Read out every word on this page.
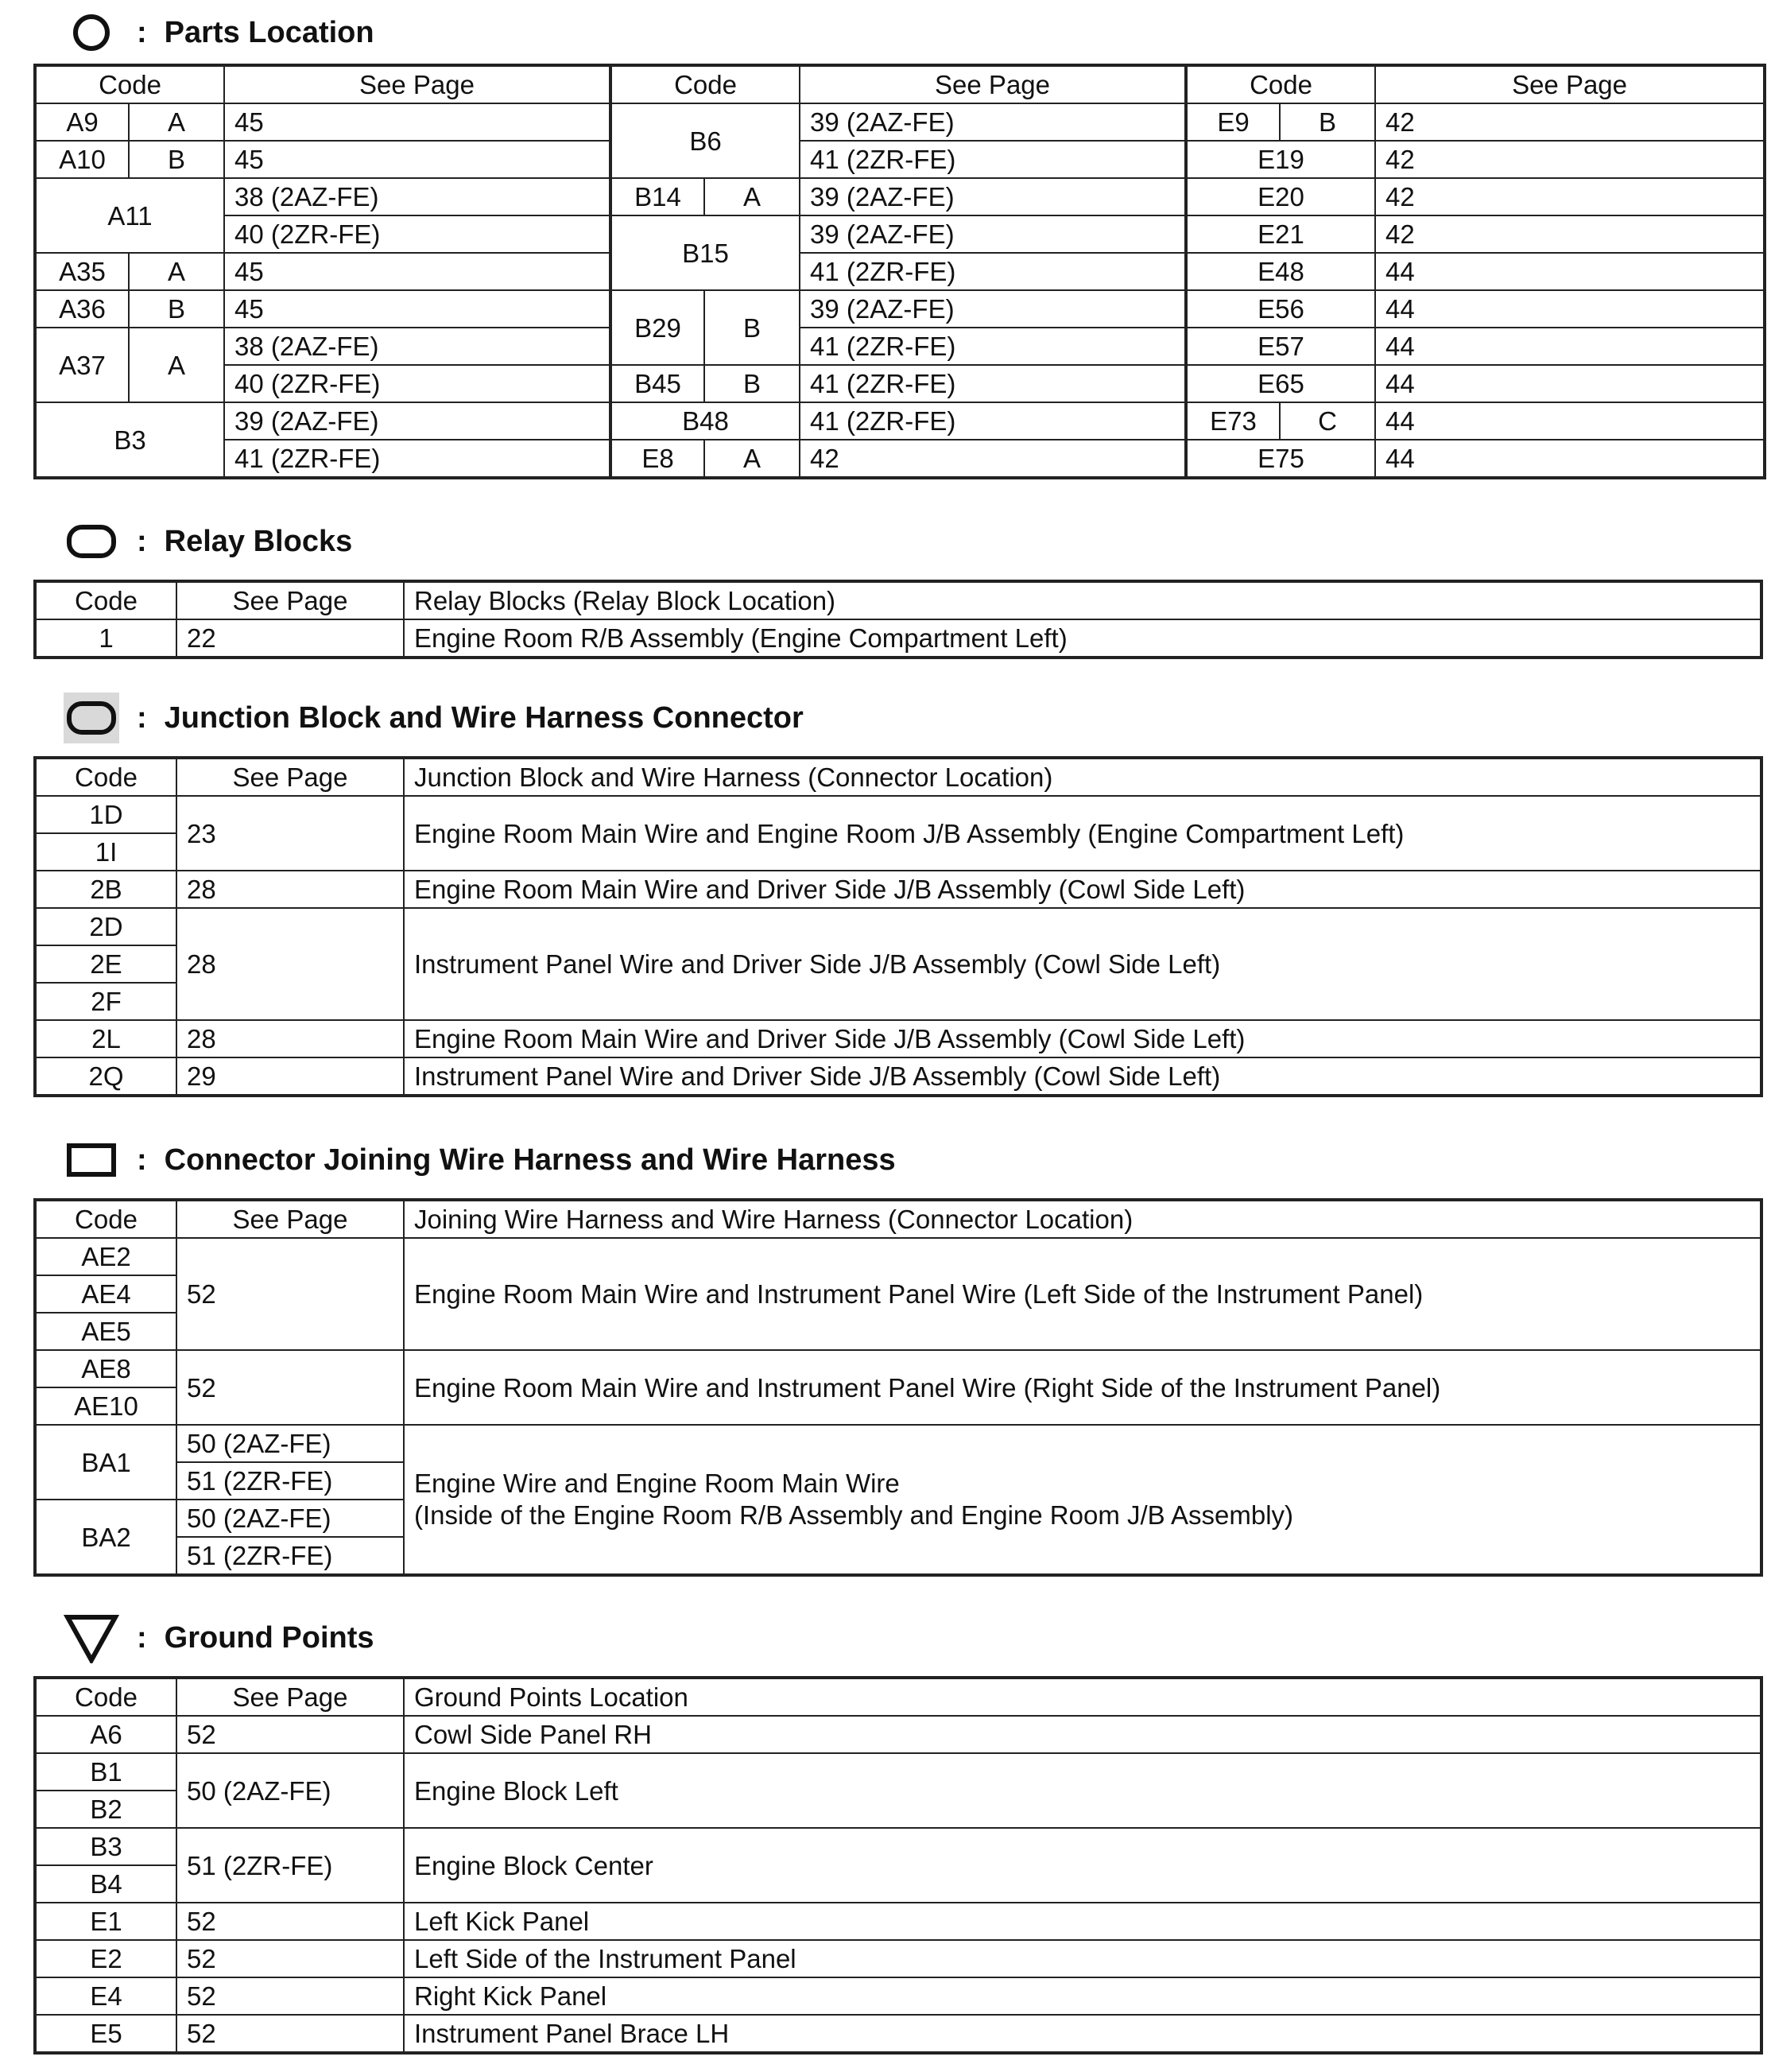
: Parts Location
Code		See Page	Code		See Page	Code		See Page
A9	A	45	B6		39 (2AZ-FE)	E9	B	42
A10	B	45			41 (2ZR-FE)	E19		42
A11		38 (2AZ-FE)	B14	A	39 (2AZ-FE)	E20		42
		40 (2ZR-FE)	B15		39 (2AZ-FE)	E21		42
A35	A	45			41 (2ZR-FE)	E48		44
A36	B	45	B29	B	39 (2AZ-FE)	E56		44
A37	A	38 (2AZ-FE)			41 (2ZR-FE)	E57		44
		40 (2ZR-FE)	B45	B	41 (2ZR-FE)	E65		44
B3		39 (2AZ-FE)	B48		41 (2ZR-FE)	E73	C	44
		41 (2ZR-FE)	E8	A	42	E75		44
: Relay Blocks
Code	See Page	Relay Blocks (Relay Block Location)
1	22	Engine Room R/B Assembly (Engine Compartment Left)
: Junction Block and Wire Harness Connector
Code	See Page	Junction Block and Wire Harness (Connector Location)
1D	23	Engine Room Main Wire and Engine Room J/B Assembly (Engine Compartment Left)
1I		
2B	28	Engine Room Main Wire and Driver Side J/B Assembly (Cowl Side Left)
2D	28	Instrument Panel Wire and Driver Side J/B Assembly (Cowl Side Left)
2E		
2F		
2L	28	Engine Room Main Wire and Driver Side J/B Assembly (Cowl Side Left)
2Q	29	Instrument Panel Wire and Driver Side J/B Assembly (Cowl Side Left)
: Connector Joining Wire Harness and Wire Harness
Code	See Page	Joining Wire Harness and Wire Harness (Connector Location)
AE2	52	Engine Room Main Wire and Instrument Panel Wire (Left Side of the Instrument Panel)
AE4		
AE5		
AE8	52	Engine Room Main Wire and Instrument Panel Wire (Right Side of the Instrument Panel)
AE10		
BA1	50 (2AZ-FE)	Engine Wire and Engine Room Main Wire
(Inside of the Engine Room R/B Assembly and Engine Room J/B Assembly)

	51 (2ZR-FE)	
BA2	50 (2AZ-FE)	
	51 (2ZR-FE)	
: Ground Points
Code	See Page	Ground Points Location
A6	52	Cowl Side Panel RH
B1	50 (2AZ-FE)	Engine Block Left
B2		
B3	51 (2ZR-FE)	Engine Block Center
B4		
E1	52	Left Kick Panel
E2	52	Left Side of the Instrument Panel
E4	52	Right Kick Panel
E5	52	Instrument Panel Brace LH
